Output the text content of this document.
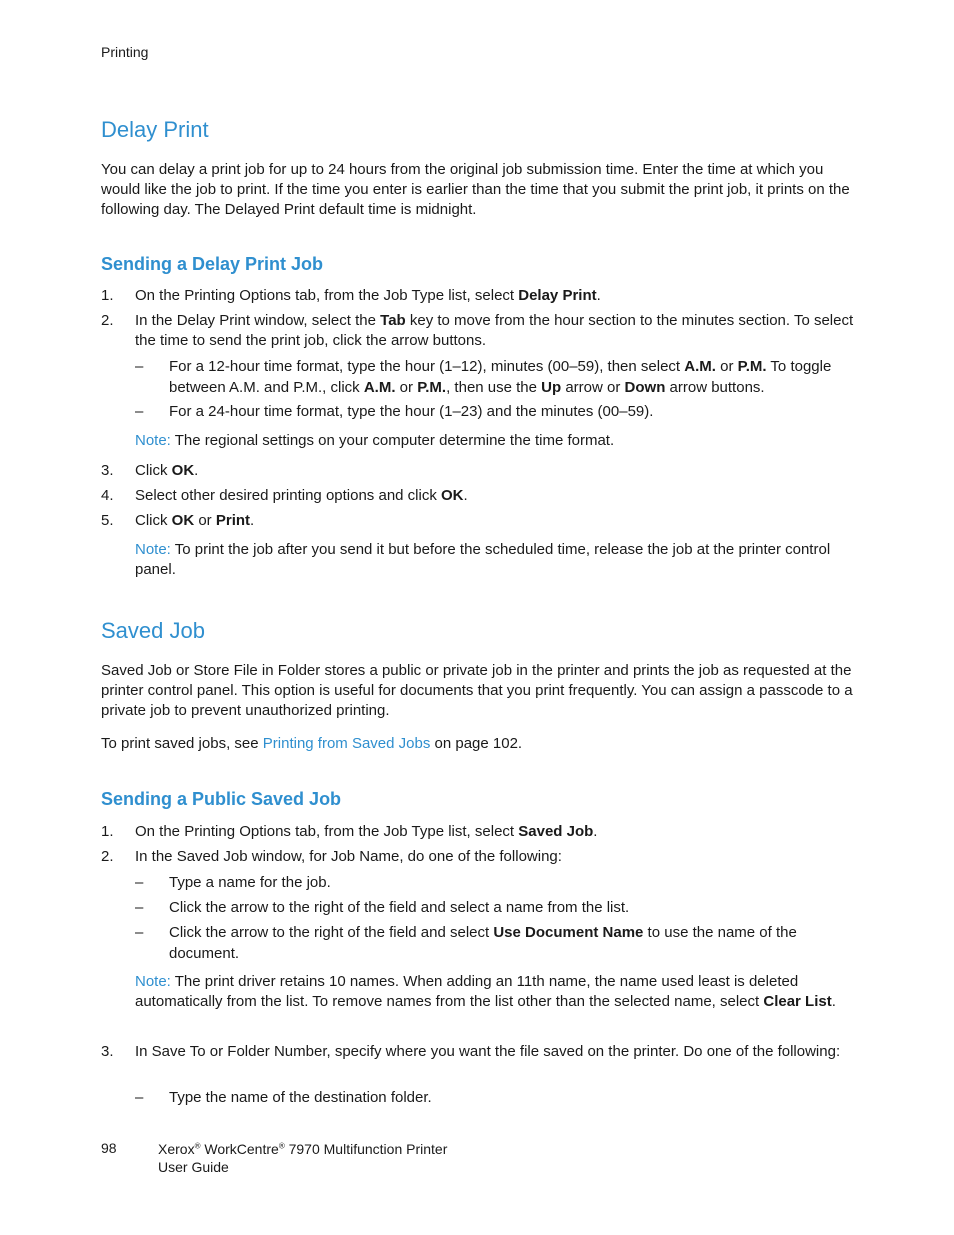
Printing
Delay Print
You can delay a print job for up to 24 hours from the original job submission time. Enter the time at which you would like the job to print. If the time you enter is earlier than the time that you submit the print job, it prints on the following day. The Delayed Print default time is midnight.
Sending a Delay Print Job
1. On the Printing Options tab, from the Job Type list, select Delay Print.
2. In the Delay Print window, select the Tab key to move from the hour section to the minutes section. To select the time to send the print job, click the arrow buttons.
– For a 12-hour time format, type the hour (1–12), minutes (00–59), then select A.M. or P.M. To toggle between A.M. and P.M., click A.M. or P.M., then use the Up arrow or Down arrow buttons.
– For a 24-hour time format, type the hour (1–23) and the minutes (00–59).
Note: The regional settings on your computer determine the time format.
3. Click OK.
4. Select other desired printing options and click OK.
5. Click OK or Print.
Note: To print the job after you send it but before the scheduled time, release the job at the printer control panel.
Saved Job
Saved Job or Store File in Folder stores a public or private job in the printer and prints the job as requested at the printer control panel. This option is useful for documents that you print frequently. You can assign a passcode to a private job to prevent unauthorized printing.
To print saved jobs, see Printing from Saved Jobs on page 102.
Sending a Public Saved Job
1. On the Printing Options tab, from the Job Type list, select Saved Job.
2. In the Saved Job window, for Job Name, do one of the following:
– Type a name for the job.
– Click the arrow to the right of the field and select a name from the list.
– Click the arrow to the right of the field and select Use Document Name to use the name of the document.
Note: The print driver retains 10 names. When adding an 11th name, the name used least is deleted automatically from the list. To remove names from the list other than the selected name, select Clear List.
3. In Save To or Folder Number, specify where you want the file saved on the printer. Do one of the following:
– Type the name of the destination folder.
98	Xerox® WorkCentre® 7970 Multifunction Printer
User Guide
